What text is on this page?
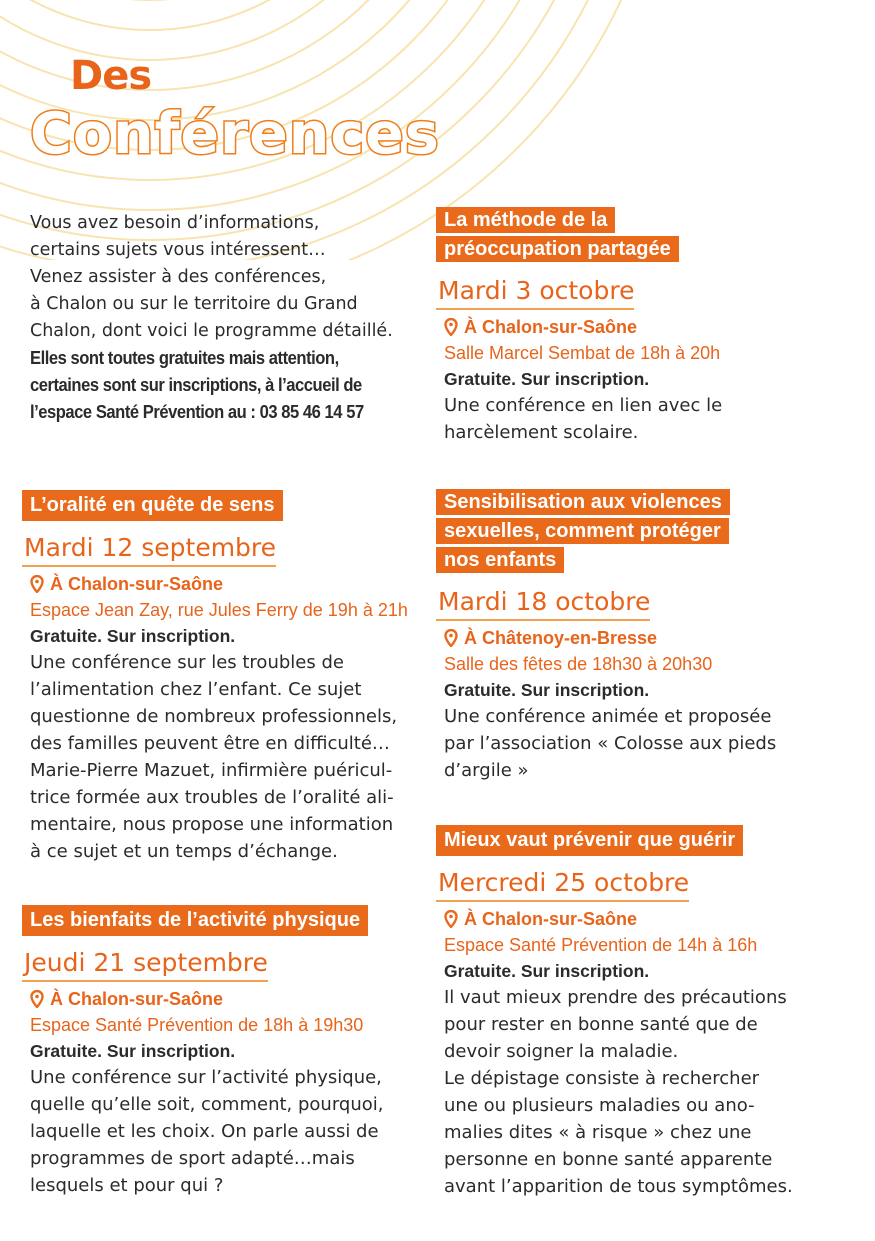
Des
Conférences

Vous avez besoin d’informations,

certains sujets vous intéressent…

Venez assister à des conférences,

à Chalon ou sur le territoire du Grand

Chalon, dont voici le programme détaillé.

Elles sont toutes gratuites mais attention,

certaines sont sur inscriptions, à l’accueil de

l’espace Santé Prévention au : 03 85 46 14 57

L’oralité en quête de sens
Mardi 12 septembre
À Chalon-sur-Saône
Espace Jean Zay, rue Jules Ferry de 19h à 21h
Gratuite. Sur inscription.

Une conférence sur les troubles de

l’alimentation chez l’enfant. Ce sujet

questionne de nombreux professionnels,

des familles peuvent être en difficulté…

Marie-Pierre Mazuet, infirmière puéricul-

trice formée aux troubles de l’oralité ali-

mentaire, nous propose une information

à ce sujet et un temps d’échange.

Les bienfaits de l’activité physique
Jeudi 21 septembre
À Chalon-sur-Saône
Espace Santé Prévention de 18h à 19h30
Gratuite. Sur inscription.

Une conférence sur l’activité physique,

quelle qu’elle soit, comment, pourquoi,

laquelle et les choix. On parle aussi de

programmes de sport adapté…mais

lesquels et pour qui ?

La méthode de la
préoccupation partagée
Mardi 3 octobre
À Chalon-sur-Saône
Salle Marcel Sembat de 18h à 20h
Gratuite. Sur inscription.

Une conférence en lien avec le

harcèlement scolaire.

Sensibilisation aux violences
sexuelles, comment protéger
nos enfants
Mardi 18 octobre
À Châtenoy-en-Bresse
Salle des fêtes de 18h30 à 20h30
Gratuite. Sur inscription.

Une conférence animée et proposée

par l’association « Colosse aux pieds

d’argile »

Mieux vaut prévenir que guérir
Mercredi 25 octobre
À Chalon-sur-Saône
Espace Santé Prévention de 14h à 16h
Gratuite. Sur inscription.

Il vaut mieux prendre des précautions

pour rester en bonne santé que de

devoir soigner la maladie.

Le dépistage consiste à rechercher

une ou plusieurs maladies ou ano-

malies dites « à risque » chez une

personne en bonne santé apparente

avant l’apparition de tous symptômes.
